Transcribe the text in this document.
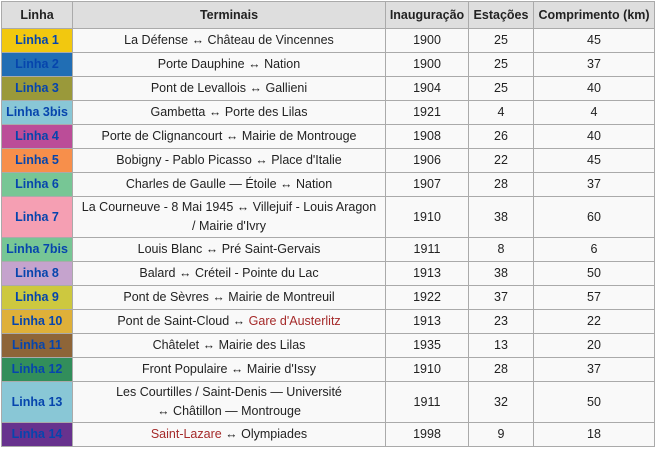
Linha	Terminais	Inauguração	Estações	Comprimento (km)
Linha 1	La Défense ↔ Château de Vincennes	1900	25	45
Linha 2	Porte Dauphine ↔ Nation	1900	25	37
Linha 3	Pont de Levallois ↔ Gallieni	1904	25	40
Linha 3bis	Gambetta ↔ Porte des Lilas	1921	4	4
Linha 4	Porte de Clignancourt ↔ Mairie de Montrouge	1908	26	40
Linha 5	Bobigny - Pablo Picasso ↔ Place d'Italie	1906	22	45
Linha 6	Charles de Gaulle — Étoile ↔ Nation	1907	28	37
Linha 7	La Courneuve - 8 Mai 1945 ↔ Villejuif - Louis Aragon
/ Mairie d'Ivry	1910	38	60
Linha 7bis	Louis Blanc ↔ Pré Saint-Gervais	1911	8	6
Linha 8	Balard ↔ Créteil - Pointe du Lac	1913	38	50
Linha 9	Pont de Sèvres ↔ Mairie de Montreuil	1922	37	57
Linha 10	Pont de Saint-Cloud ↔ Gare d'Austerlitz	1913	23	22
Linha 11	Châtelet ↔ Mairie des Lilas	1935	13	20
Linha 12	Front Populaire ↔ Mairie d'Issy	1910	28	37
Linha 13	Les Courtilles / Saint-Denis — Université
↔ Châtillon — Montrouge	1911	32	50
Linha 14	Saint-Lazare ↔ Olympiades	1998	9	18
